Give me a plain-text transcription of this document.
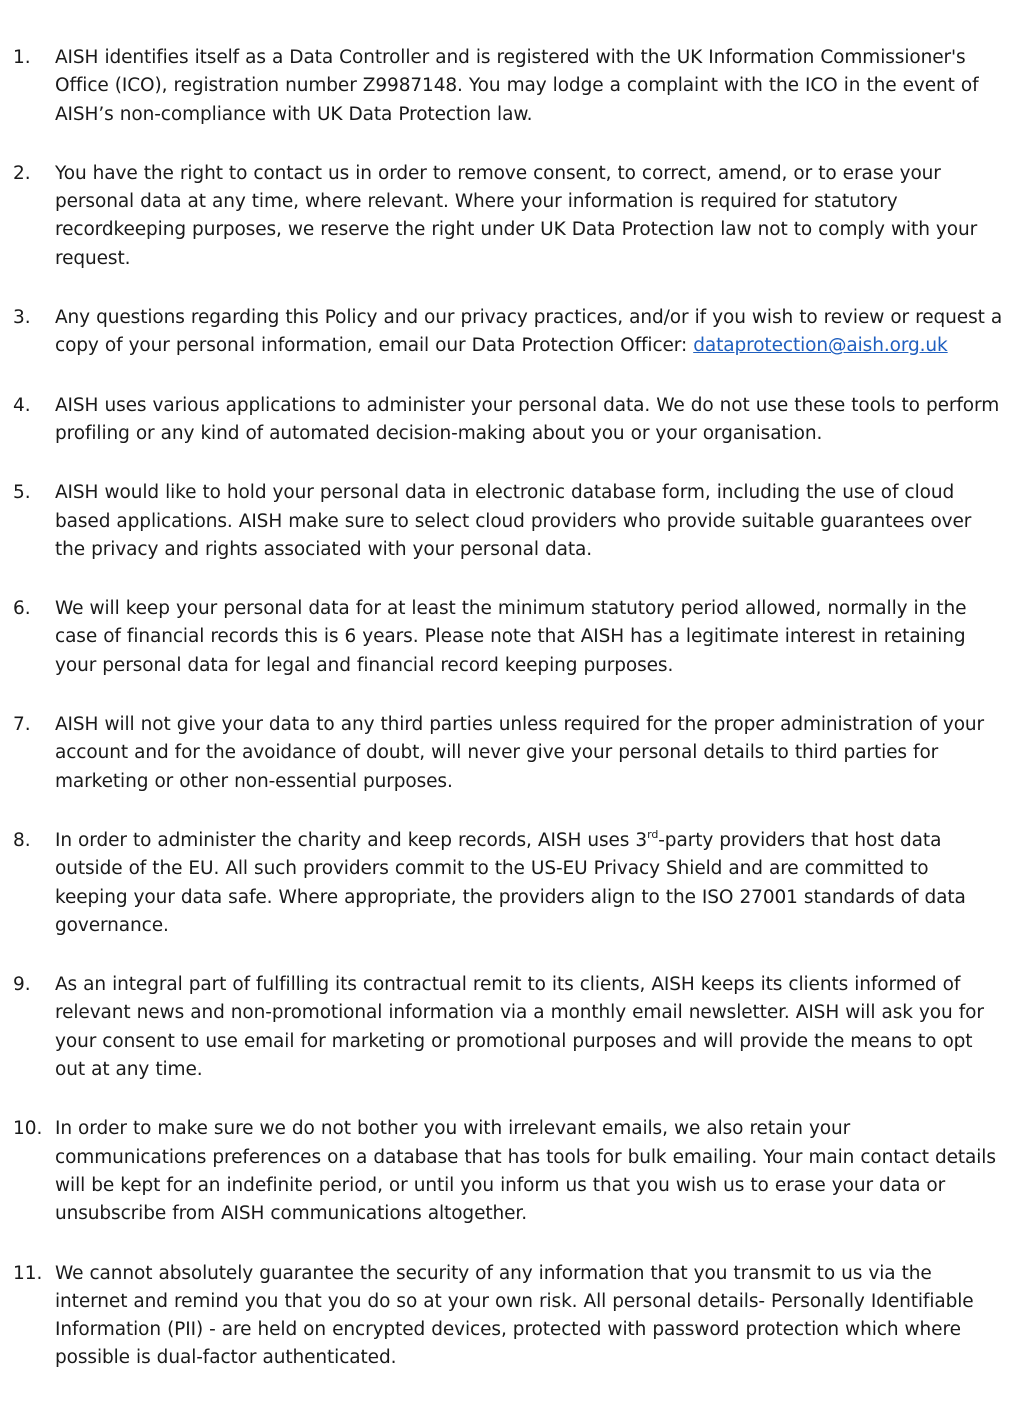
1. AISH identifies itself as a Data Controller and is registered with the UK Information Commissioner's Office (ICO), registration number Z9987148. You may lodge a complaint with the ICO in the event of AISH’s non-compliance with UK Data Protection law.

2. You have the right to contact us in order to remove consent, to correct, amend, or to erase your personal data at any time, where relevant. Where your information is required for statutory recordkeeping purposes, we reserve the right under UK Data Protection law not to comply with your request.

3. Any questions regarding this Policy and our privacy practices, and/or if you wish to review or request a copy of your personal information, email our Data Protection Officer: dataprotection@aish.org.uk

4. AISH uses various applications to administer your personal data. We do not use these tools to perform profiling or any kind of automated decision-making about you or your organisation.

5. AISH would like to hold your personal data in electronic database form, including the use of cloud based applications. AISH make sure to select cloud providers who provide suitable guarantees over the privacy and rights associated with your personal data.

6. We will keep your personal data for at least the minimum statutory period allowed, normally in the case of financial records this is 6 years. Please note that AISH has a legitimate interest in retaining your personal data for legal and financial record keeping purposes.

7. AISH will not give your data to any third parties unless required for the proper administration of your account and for the avoidance of doubt, will never give your personal details to third parties for marketing or other non-essential purposes.

8. In order to administer the charity and keep records, AISH uses 3rd-party providers that host data outside of the EU. All such providers commit to the US-EU Privacy Shield and are committed to keeping your data safe. Where appropriate, the providers align to the ISO 27001 standards of data governance.

9. As an integral part of fulfilling its contractual remit to its clients, AISH keeps its clients informed of relevant news and non-promotional information via a monthly email newsletter. AISH will ask you for your consent to use email for marketing or promotional purposes and will provide the means to opt out at any time.

10. In order to make sure we do not bother you with irrelevant emails, we also retain your communications preferences on a database that has tools for bulk emailing. Your main contact details will be kept for an indefinite period, or until you inform us that you wish us to erase your data or unsubscribe from AISH communications altogether.

11. We cannot absolutely guarantee the security of any information that you transmit to us via the internet and remind you that you do so at your own risk. All personal details- Personally Identifiable Information (PII) - are held on encrypted devices, protected with password protection which where possible is dual-factor authenticated.
